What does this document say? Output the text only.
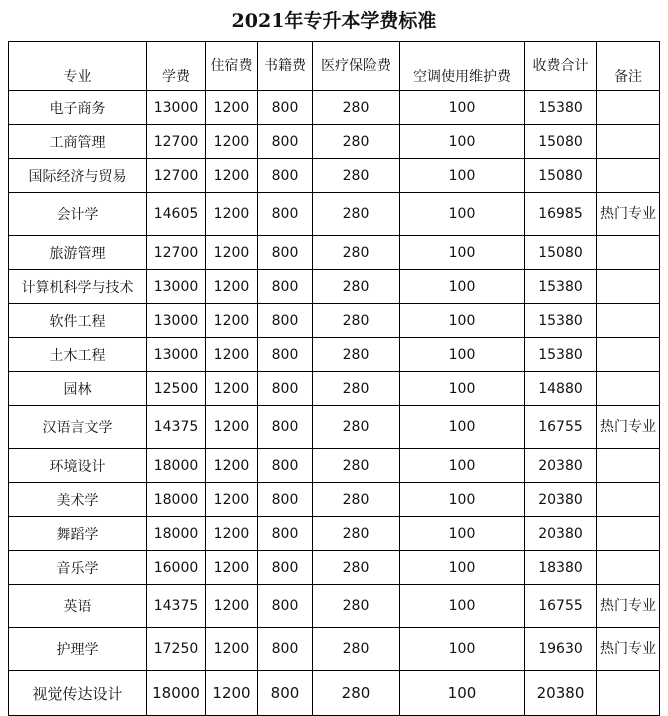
2021年专升本学费标准
专业	学费	住宿费	书籍费	医疗保险费	空调使用维护费	收费合计	备注
电子商务	13000	1200	800	280	100	15380	
工商管理	12700	1200	800	280	100	15080	
国际经济与贸易	12700	1200	800	280	100	15080	
会计学	14605	1200	800	280	100	16985	热门专业
旅游管理	12700	1200	800	280	100	15080	
计算机科学与技术	13000	1200	800	280	100	15380	
软件工程	13000	1200	800	280	100	15380	
土木工程	13000	1200	800	280	100	15380	
园林	12500	1200	800	280	100	14880	
汉语言文学	14375	1200	800	280	100	16755	热门专业
环境设计	18000	1200	800	280	100	20380	
美术学	18000	1200	800	280	100	20380	
舞蹈学	18000	1200	800	280	100	20380	
音乐学	16000	1200	800	280	100	18380	
英语	14375	1200	800	280	100	16755	热门专业
护理学	17250	1200	800	280	100	19630	热门专业
视觉传达设计	18000	1200	800	280	100	20380	
